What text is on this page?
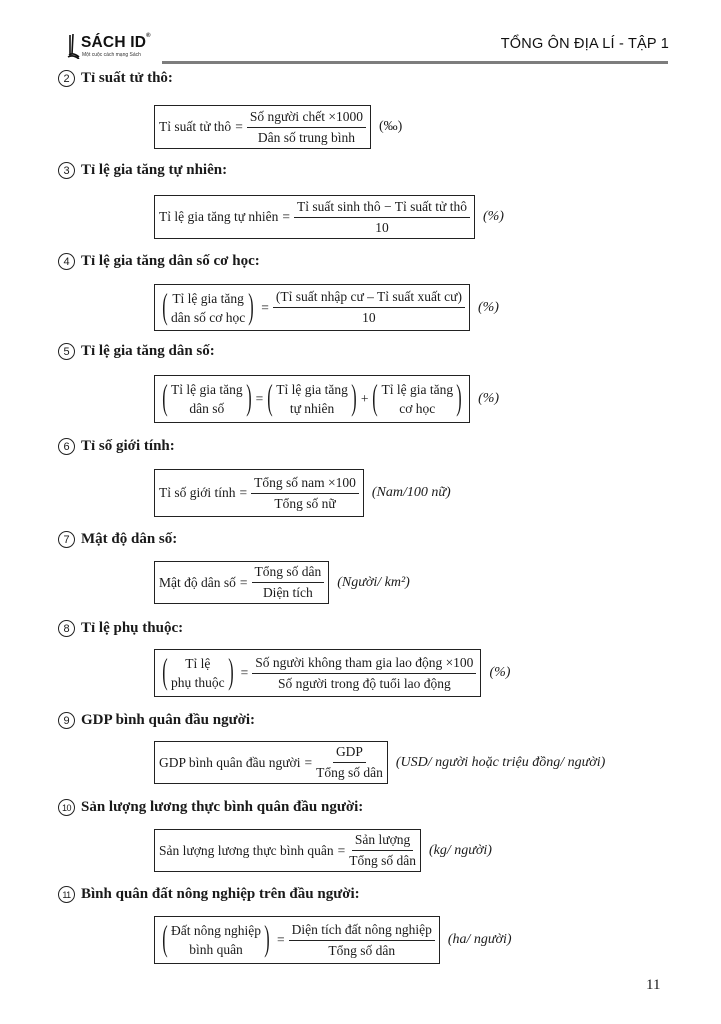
SÁCH ID®
Một cuộc cách mạng Sách
TỔNG ÔN ĐỊA LÍ - TẬP 1
2 Tỉ suất tử thô:
Tỉ suất tử thô = $\frac{\text{Số người chết ×1000}}{\text{Dân số trung bình}}$ (‰)
3 Tỉ lệ gia tăng tự nhiên:
Tỉ lệ gia tăng tự nhiên = $\frac{\text{Tỉ suất sinh thô − Tỉ suất tử thô}}{10}$ (%)
4 Tỉ lệ gia tăng dân số cơ học:
( Tỉ lệ gia tăng
dân số cơ học ) = $\frac{\text{(Tỉ suất nhập cư – Tỉ suất xuất cư)}}{10}$ (%)
5 Tỉ lệ gia tăng dân số:
( Tỉ lệ gia tăng
dân số ) = ( Tỉ lệ gia tăng
tự nhiên ) + ( Tỉ lệ gia tăng
cơ học ) (%)
6 Tỉ số giới tính:
Tỉ số giới tính = $\frac{\text{Tổng số nam ×100}}{\text{Tổng số nữ}} (Nam/100$ nữ)
7 Mật độ dân số:
Mật độ dân số = $\frac{\text{Tổng số dân}}{\text{Diện tích}}$ (Người/ km²)
8 Tỉ lệ phụ thuộc:
( Tỉ lệ
phụ thuộc ) = $\frac{\text{Số người không tham gia lao động ×100}}{\text{Số người trong độ tuổi lao động}}$ (%)
9 GDP bình quân đầu người:
GDP bình quân đầu người = $\frac{\text{GDP}}{\text{Tổng số dân}} (USD/$ người hoặc triệu đồng/ người)
10 Sản lượng lương thực bình quân đầu người:
Sản lượng lương thực bình quân = $\frac{\text{Sản lượng}}{\text{Tổng số dân}} (kg/$ người)
11 Bình quân đất nông nghiệp trên đầu người:
( Đất nông nghiệp
bình quân ) = $\frac{\text{Diện tích đất nông nghiệp}}{\text{Tổng số dân}} (ha/$ người)
11
